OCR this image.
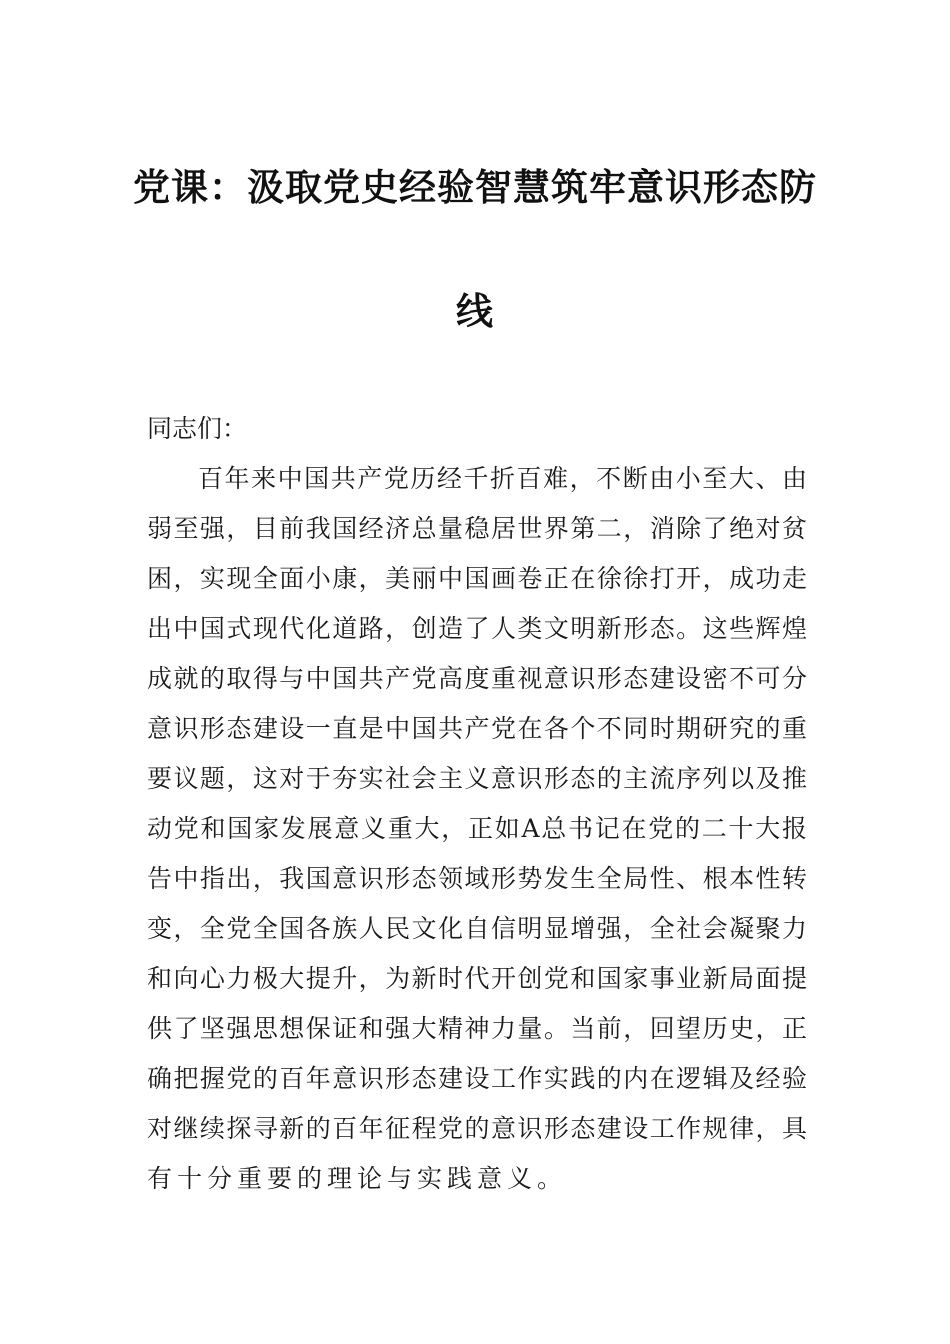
党课：汲取党史经验智慧筑牢意识形态防
线
同志们：
百年来中国共产党历经千折百难，不断由小至大、由
弱至强，目前我国经济总量稳居世界第二，消除了绝对贫
困，实现全面小康，美丽中国画卷正在徐徐打开，成功走
出中国式现代化道路，创造了人类文明新形态。这些辉煌
成就的取得与中国共产党高度重视意识形态建设密不可分
意识形态建设一直是中国共产党在各个不同时期研究的重
要议题，这对于夯实社会主义意识形态的主流序列以及推
动党和国家发展意义重大，正如A总书记在党的二十大报
告中指出，我国意识形态领域形势发生全局性、根本性转
变，全党全国各族人民文化自信明显增强，全社会凝聚力
和向心力极大提升，为新时代开创党和国家事业新局面提
供了坚强思想保证和强大精神力量。当前，回望历史，正
确把握党的百年意识形态建设工作实践的内在逻辑及经验
对继续探寻新的百年征程党的意识形态建设工作规律，具
有十分重要的理论与实践意义。
